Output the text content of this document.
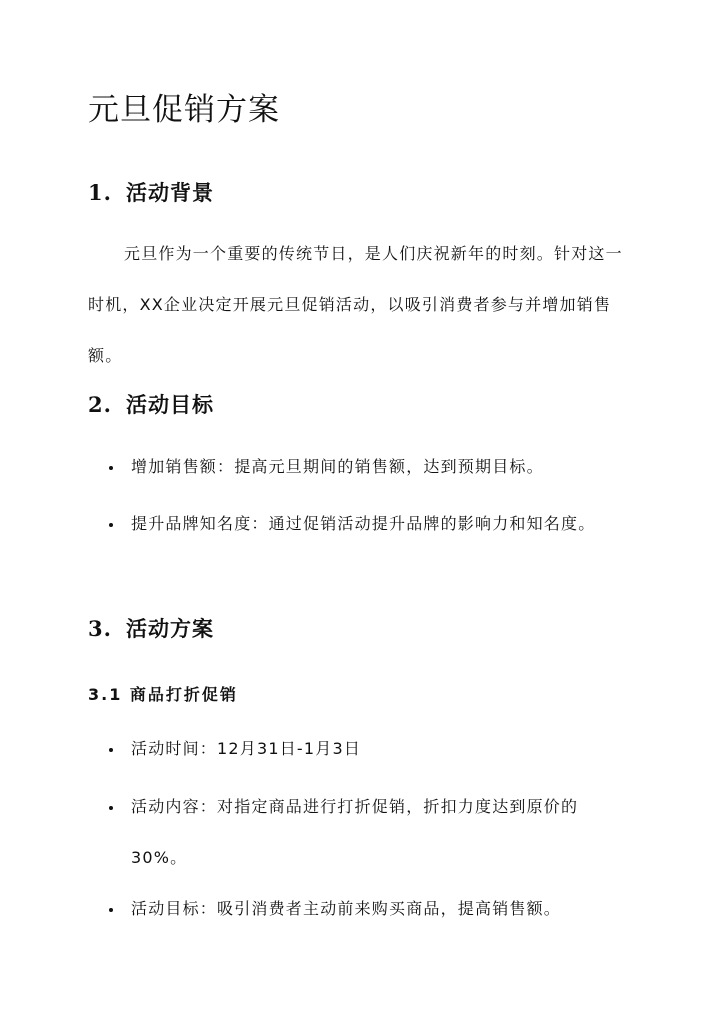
元旦促销方案
1. 活动背景

元旦作为一个重要的传统节日，是人们庆祝新年的时刻。针对这一时机，XX企业决定开展元旦促销活动，以吸引消费者参与并增加销售额。

2. 活动目标

增加销售额：提高元旦期间的销售额，达到预期目标。

提升品牌知名度：通过促销活动提升品牌的影响力和知名度。

3. 活动方案
3.1 商品打折促销

活动时间：12月31日-1月3日

活动内容：对指定商品进行打折促销，折扣力度达到原价的30%。

活动目标：吸引消费者主动前来购买商品，提高销售额。
